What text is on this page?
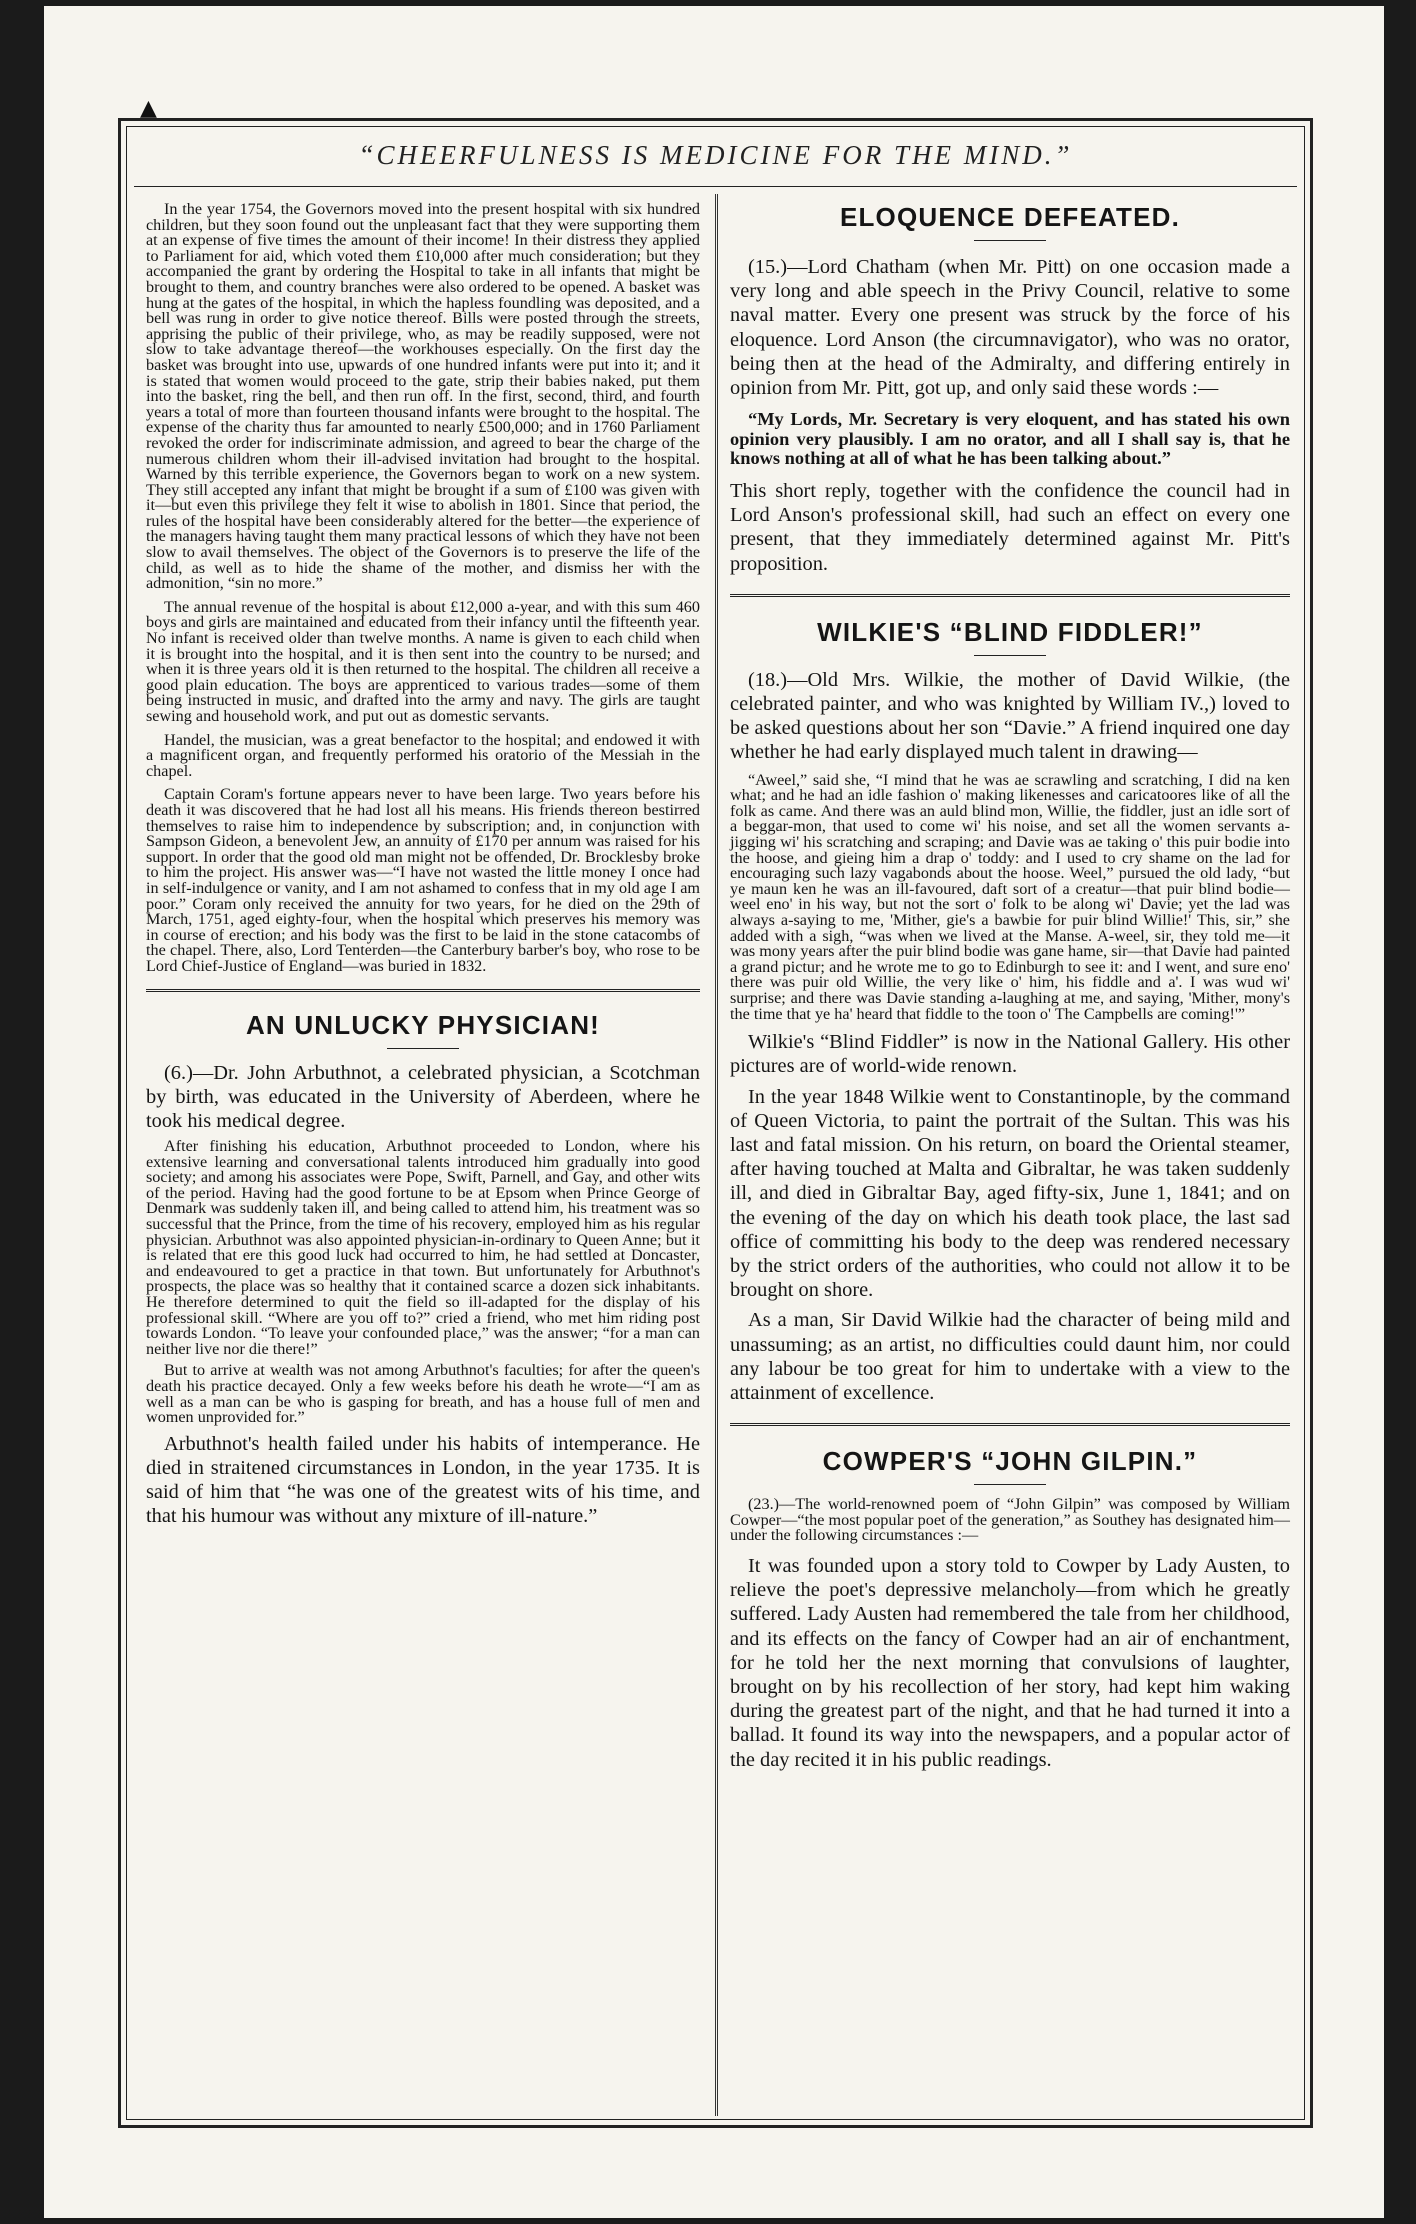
▲
“CHEERFULNESS IS MEDICINE FOR THE MIND.”

In the year 1754, the Governors moved into the present hospital with six hundred children, but they soon found out the unpleasant fact that they were supporting them at an expense of five times the amount of their income! In their distress they applied to Parliament for aid, which voted them £10,000 after much consideration; but they accompanied the grant by ordering the Hospital to take in all infants that might be brought to them, and country branches were also ordered to be opened. A basket was hung at the gates of the hospital, in which the hapless foundling was deposited, and a bell was rung in order to give notice thereof. Bills were posted through the streets, apprising the public of their privilege, who, as may be readily supposed, were not slow to take advantage thereof—the workhouses especially. On the first day the basket was brought into use, upwards of one hundred infants were put into it; and it is stated that women would proceed to the gate, strip their babies naked, put them into the basket, ring the bell, and then run off. In the first, second, third, and fourth years a total of more than fourteen thousand infants were brought to the hospital. The expense of the charity thus far amounted to nearly £500,000; and in 1760 Parliament revoked the order for indiscriminate admission, and agreed to bear the charge of the numerous children whom their ill-advised invitation had brought to the hospital. Warned by this terrible experience, the Governors began to work on a new system. They still accepted any infant that might be brought if a sum of £100 was given with it—but even this privilege they felt it wise to abolish in 1801. Since that period, the rules of the hospital have been considerably altered for the better—the experience of the managers having taught them many practical lessons of which they have not been slow to avail themselves. The object of the Governors is to preserve the life of the child, as well as to hide the shame of the mother, and dismiss her with the admonition, “sin no more.”

The annual revenue of the hospital is about £12,000 a-year, and with this sum 460 boys and girls are maintained and educated from their infancy until the fifteenth year. No infant is received older than twelve months. A name is given to each child when it is brought into the hospital, and it is then sent into the country to be nursed; and when it is three years old it is then returned to the hospital. The children all receive a good plain education. The boys are apprenticed to various trades—some of them being instructed in music, and drafted into the army and navy. The girls are taught sewing and household work, and put out as domestic servants.

Handel, the musician, was a great benefactor to the hospital; and endowed it with a magnificent organ, and frequently performed his oratorio of the Messiah in the chapel.

Captain Coram's fortune appears never to have been large. Two years before his death it was discovered that he had lost all his means. His friends thereon bestirred themselves to raise him to independence by subscription; and, in conjunction with Sampson Gideon, a benevolent Jew, an annuity of £170 per annum was raised for his support. In order that the good old man might not be offended, Dr. Brocklesby broke to him the project. His answer was—“I have not wasted the little money I once had in self-indulgence or vanity, and I am not ashamed to confess that in my old age I am poor.” Coram only received the annuity for two years, for he died on the 29th of March, 1751, aged eighty-four, when the hospital which preserves his memory was in course of erection; and his body was the first to be laid in the stone catacombs of the chapel. There, also, Lord Tenterden—the Canterbury barber's boy, who rose to be Lord Chief-Justice of England—was buried in 1832.

AN UNLUCKY PHYSICIAN!

(6.)—Dr. John Arbuthnot, a celebrated physician, a Scotchman by birth, was educated in the University of Aberdeen, where he took his medical degree.

After finishing his education, Arbuthnot proceeded to London, where his extensive learning and conversational talents introduced him gradually into good society; and among his associates were Pope, Swift, Parnell, and Gay, and other wits of the period. Having had the good fortune to be at Epsom when Prince George of Denmark was suddenly taken ill, and being called to attend him, his treatment was so successful that the Prince, from the time of his recovery, employed him as his regular physician. Arbuthnot was also appointed physician-in-ordinary to Queen Anne; but it is related that ere this good luck had occurred to him, he had settled at Doncaster, and endeavoured to get a practice in that town. But unfortunately for Arbuthnot's prospects, the place was so healthy that it contained scarce a dozen sick inhabitants. He therefore determined to quit the field so ill-adapted for the display of his professional skill. “Where are you off to?” cried a friend, who met him riding post towards London. “To leave your confounded place,” was the answer; “for a man can neither live nor die there!”

But to arrive at wealth was not among Arbuthnot's faculties; for after the queen's death his practice decayed. Only a few weeks before his death he wrote—“I am as well as a man can be who is gasping for breath, and has a house full of men and women unprovided for.”

Arbuthnot's health failed under his habits of intemperance. He died in straitened circumstances in London, in the year 1735. It is said of him that “he was one of the greatest wits of his time, and that his humour was without any mixture of ill-nature.”

ELOQUENCE DEFEATED.

(15.)—Lord Chatham (when Mr. Pitt) on one occasion made a very long and able speech in the Privy Council, relative to some naval matter. Every one present was struck by the force of his eloquence. Lord Anson (the circumnavigator), who was no orator, being then at the head of the Admiralty, and differing entirely in opinion from Mr. Pitt, got up, and only said these words :—

“My Lords, Mr. Secretary is very eloquent, and has stated his own opinion very plausibly. I am no orator, and all I shall say is, that he knows nothing at all of what he has been talking about.”

This short reply, together with the confidence the council had in Lord Anson's professional skill, had such an effect on every one present, that they immediately determined against Mr. Pitt's proposition.

WILKIE'S “BLIND FIDDLER!”

(18.)—Old Mrs. Wilkie, the mother of David Wilkie, (the celebrated painter, and who was knighted by William IV.,) loved to be asked questions about her son “Davie.” A friend inquired one day whether he had early displayed much talent in drawing—

“Aweel,” said she, “I mind that he was ae scrawling and scratching, I did na ken what; and he had an idle fashion o' making likenesses and caricatoores like of all the folk as came. And there was an auld blind mon, Willie, the fiddler, just an idle sort of a beggar-mon, that used to come wi' his noise, and set all the women servants a-jigging wi' his scratching and scraping; and Davie was ae taking o' this puir bodie into the hoose, and gieing him a drap o' toddy: and I used to cry shame on the lad for encouraging such lazy vagabonds about the hoose. Weel,” pursued the old lady, “but ye maun ken he was an ill-favoured, daft sort of a creatur—that puir blind bodie—weel eno' in his way, but not the sort o' folk to be along wi' Davie; yet the lad was always a-saying to me, 'Mither, gie's a bawbie for puir blind Willie!' This, sir,” she added with a sigh, “was when we lived at the Manse. A-weel, sir, they told me—it was mony years after the puir blind bodie was gane hame, sir—that Davie had painted a grand pictur; and he wrote me to go to Edinburgh to see it: and I went, and sure eno' there was puir old Willie, the very like o' him, his fiddle and a'. I was wud wi' surprise; and there was Davie standing a-laughing at me, and saying, 'Mither, mony's the time that ye ha' heard that fiddle to the toon o' The Campbells are coming!'”

Wilkie's “Blind Fiddler” is now in the National Gallery. His other pictures are of world-wide renown.

In the year 1848 Wilkie went to Constantinople, by the command of Queen Victoria, to paint the portrait of the Sultan. This was his last and fatal mission. On his return, on board the Oriental steamer, after having touched at Malta and Gibraltar, he was taken suddenly ill, and died in Gibraltar Bay, aged fifty-six, June 1, 1841; and on the evening of the day on which his death took place, the last sad office of committing his body to the deep was rendered necessary by the strict orders of the authorities, who could not allow it to be brought on shore.

As a man, Sir David Wilkie had the character of being mild and unassuming; as an artist, no difficulties could daunt him, nor could any labour be too great for him to undertake with a view to the attainment of excellence.

COWPER'S “JOHN GILPIN.”

(23.)—The world-renowned poem of “John Gilpin” was composed by William Cowper—“the most popular poet of the generation,” as Southey has designated him—under the following circumstances :—

It was founded upon a story told to Cowper by Lady Austen, to relieve the poet's depressive melancholy—from which he greatly suffered. Lady Austen had remembered the tale from her childhood, and its effects on the fancy of Cowper had an air of enchantment, for he told her the next morning that convulsions of laughter, brought on by his recollection of her story, had kept him waking during the greatest part of the night, and that he had turned it into a ballad. It found its way into the newspapers, and a popular actor of the day recited it in his public readings.
